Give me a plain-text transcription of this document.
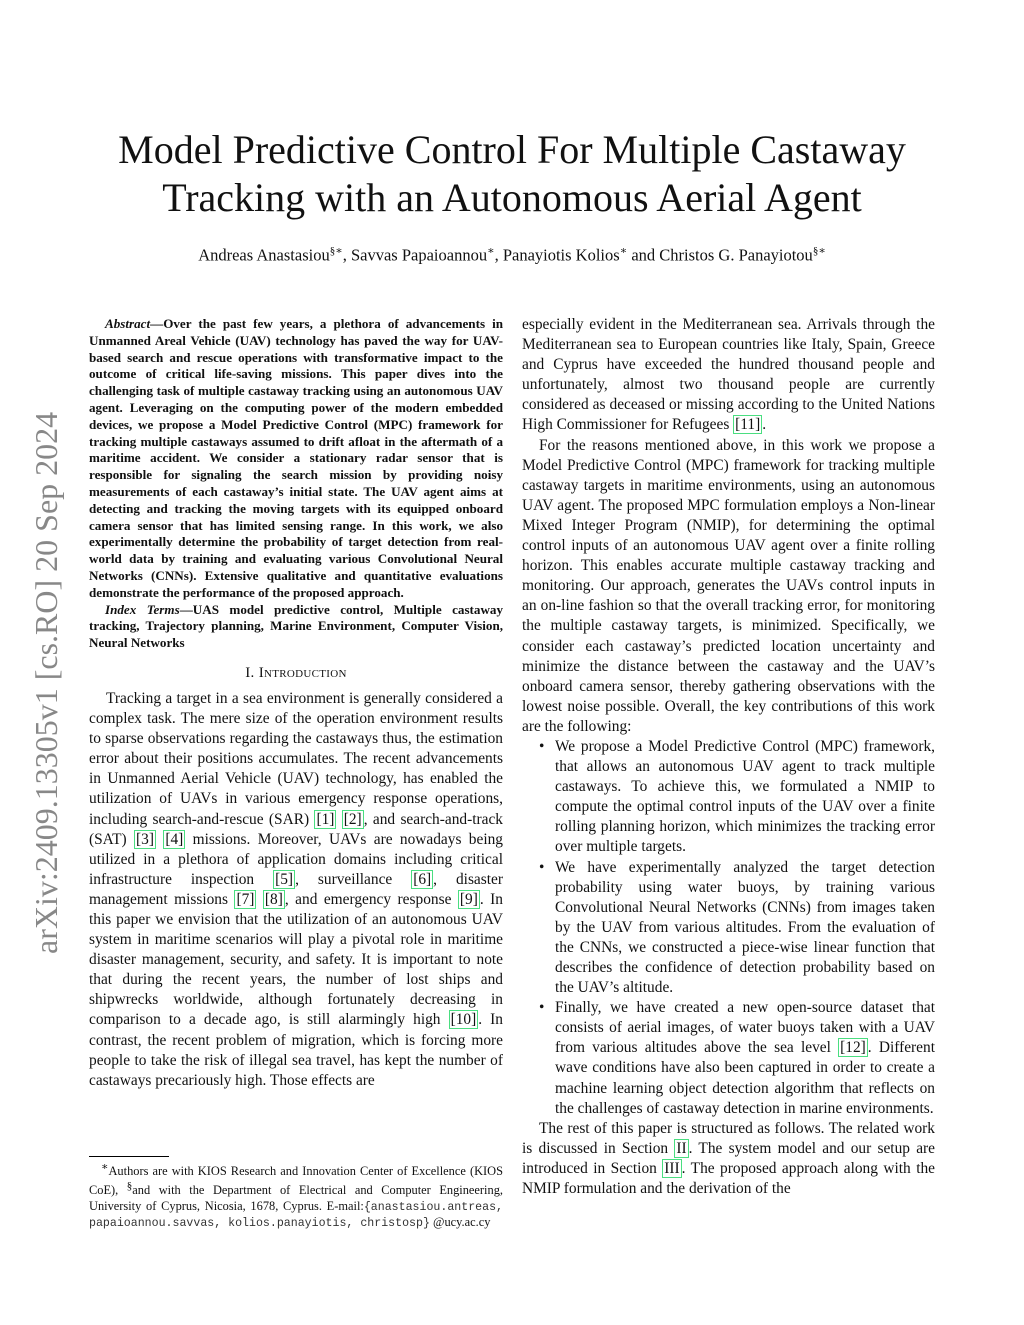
Model Predictive Control For Multiple Castaway
Tracking with an Autonomous Aerial Agent
Andreas Anastasiou§∗, Savvas Papaioannou∗, Panayiotis Kolios∗ and Christos G. Panayiotou§∗
arXiv:2409.13305v1 [cs.RO] 20 Sep 2024

Abstract—Over the past few years, a plethora of advancements in Unmanned Areal Vehicle (UAV) technology has paved the way for UAV-based search and rescue operations with transformative impact to the outcome of critical life-saving missions. This paper dives into the challenging task of multiple castaway tracking using an autonomous UAV agent. Leveraging on the computing power of the modern embedded devices, we propose a Model Predictive Control (MPC) framework for tracking multiple castaways assumed to drift afloat in the aftermath of a maritime accident. We consider a stationary radar sensor that is responsible for signaling the search mission by providing noisy measurements of each castaway’s initial state. The UAV agent aims at detecting and tracking the moving targets with its equipped onboard camera sensor that has limited sensing range. In this work, we also experimentally determine the probability of target detection from real-world data by training and evaluating various Convolutional Neural Networks (CNNs). Extensive qualitative and quantitative evaluations demonstrate the performance of the proposed approach.

Index Terms—UAS model predictive control, Multiple castaway tracking, Trajectory planning, Marine Environment, Computer Vision, Neural Networks

I. Introduction

Tracking a target in a sea environment is generally considered a complex task. The mere size of the operation environment results to sparse observations regarding the castaways thus, the estimation error about their positions accumulates. The recent advancements in Unmanned Aerial Vehicle (UAV) technology, has enabled the utilization of UAVs in various emergency response operations, including search-and-rescue (SAR) [1] [2] , and search-and-track (SAT) [3] [4] missions. Moreover, UAVs are nowadays being utilized in a plethora of application domains including critical infrastructure inspection [5] , surveillance [6] , disaster management missions [7] [8] , and emergency response [9] . In this paper we envision that the utilization of an autonomous UAV system in maritime scenarios will play a pivotal role in maritime disaster management, security, and safety. It is important to note that during the recent years, the number of lost ships and shipwrecks worldwide, although fortunately decreasing in comparison to a decade ago, is still alarmingly high [10] . In contrast, the recent problem of migration, which is forcing more people to take the risk of illegal sea travel, has kept the number of castaways precariously high. Those effects are

∗Authors are with KIOS Research and Innovation Center of Excellence (KIOS CoE), §and with the Department of Electrical and Computer Engineering, University of Cyprus, Nicosia, 1678, Cyprus. E-mail:{anastasiou.antreas, papaioannou.savvas, kolios.panayiotis, christosp} @ucy.ac.cy

especially evident in the Mediterranean sea. Arrivals through the Mediterranean sea to European countries like Italy, Spain, Greece and Cyprus have exceeded the hundred thousand people and unfortunately, almost two thousand people are currently considered as deceased or missing according to the United Nations High Commissioner for Refugees [11] .

For the reasons mentioned above, in this work we propose a Model Predictive Control (MPC) framework for tracking multiple castaway targets in maritime environments, using an autonomous UAV agent. The proposed MPC formulation employs a Non-linear Mixed Integer Program (NMIP), for determining the optimal control inputs of an autonomous UAV agent over a finite rolling horizon. This enables accurate multiple castaway tracking and monitoring. Our approach, generates the UAVs control inputs in an on-line fashion so that the overall tracking error, for monitoring the multiple castaway targets, is minimized. Specifically, we consider each castaway’s predicted location uncertainty and minimize the distance between the castaway and the UAV’s onboard camera sensor, thereby gathering observations with the lowest noise possible. Overall, the key contributions of this work are the following:

• We propose a Model Predictive Control (MPC) framework, that allows an autonomous UAV agent to track multiple castaways. To achieve this, we formulated a NMIP to compute the optimal control inputs of the UAV over a finite rolling planning horizon, which minimizes the tracking error over multiple targets.

• We have experimentally analyzed the target detection probability using water buoys, by training various Convolutional Neural Networks (CNNs) from images taken by the UAV from various altitudes. From the evaluation of the CNNs, we constructed a piece-wise linear function that describes the confidence of detection probability based on the UAV’s altitude.

• Finally, we have created a new open-source dataset that consists of aerial images, of water buoys taken with a UAV from various altitudes above the sea level [12] . Different wave conditions have also been captured in order to create a machine learning object detection algorithm that reflects on the challenges of castaway detection in marine environments.

The rest of this paper is structured as follows. The related work is discussed in Section II . The system model and our setup are introduced in Section III . The proposed approach along with the NMIP formulation and the derivation of the
